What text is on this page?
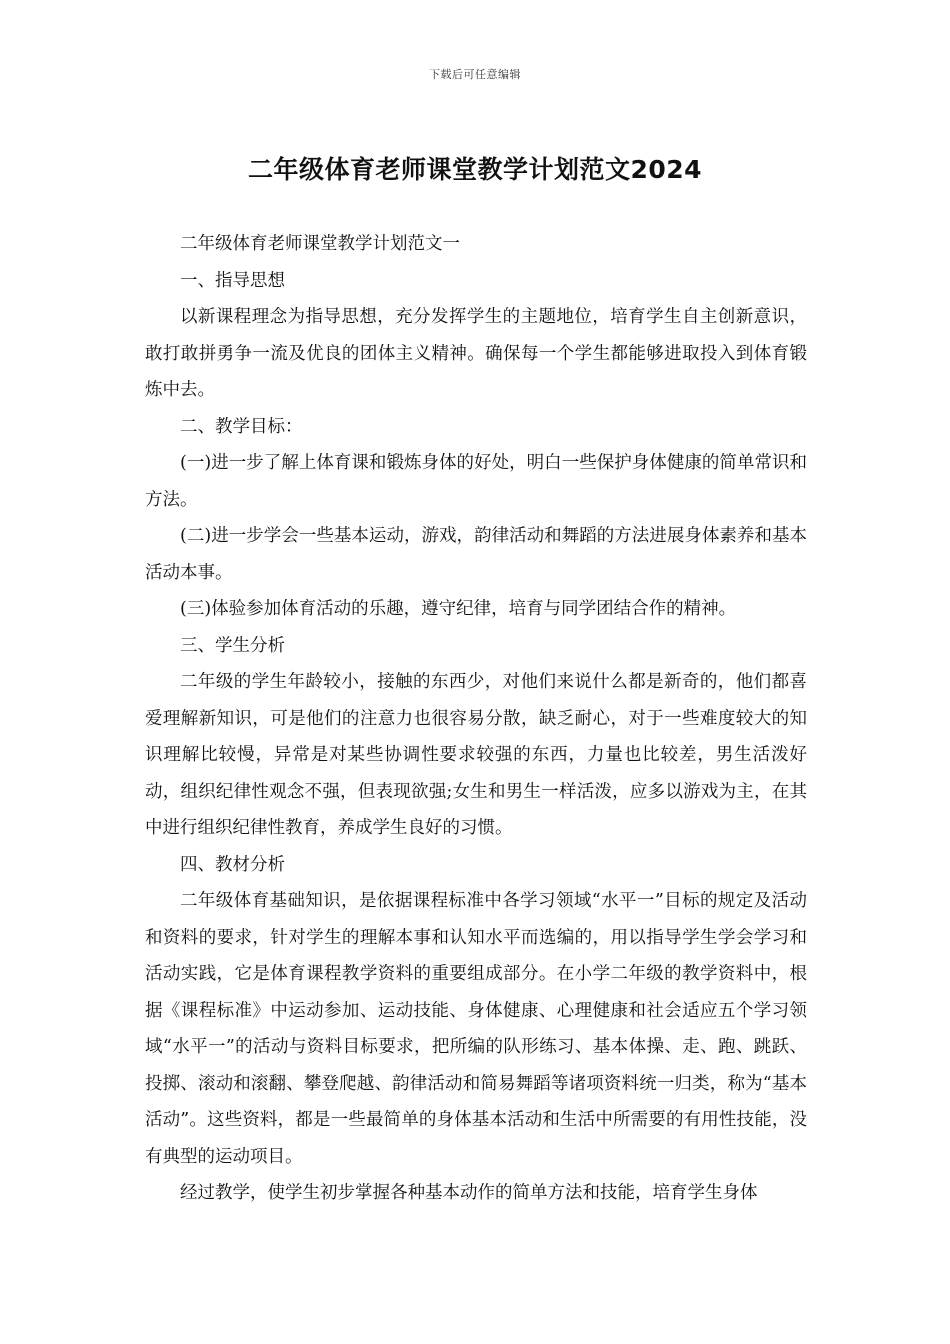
下载后可任意编辑
二年级体育老师课堂教学计划范文2024

二年级体育老师课堂教学计划范文一

一、指导思想

以新课程理念为指导思想，充分发挥学生的主题地位，培育学生自主创新意识，敢打敢拼勇争一流及优良的团体主义精神。确保每一个学生都能够进取投入到体育锻炼中去。

二、教学目标：

(一)进一步了解上体育课和锻炼身体的好处，明白一些保护身体健康的简单常识和方法。

(二)进一步学会一些基本运动，游戏，韵律活动和舞蹈的方法进展身体素养和基本活动本事。

(三)体验参加体育活动的乐趣，遵守纪律，培育与同学团结合作的精神。

三、学生分析

二年级的学生年龄较小，接触的东西少，对他们来说什么都是新奇的，他们都喜爱理解新知识，可是他们的注意力也很容易分散，缺乏耐心，对于一些难度较大的知识理解比较慢，异常是对某些协调性要求较强的东西，力量也比较差，男生活泼好动，组织纪律性观念不强，但表现欲强;女生和男生一样活泼，应多以游戏为主，在其中进行组织纪律性教育，养成学生良好的习惯。

四、教材分析

二年级体育基础知识，是依据课程标准中各学习领域“水平一”目标的规定及活动和资料的要求，针对学生的理解本事和认知水平而选编的，用以指导学生学会学习和活动实践，它是体育课程教学资料的重要组成部分。在小学二年级的教学资料中，根据《课程标准》中运动参加、运动技能、身体健康、心理健康和社会适应五个学习领域“水平一”的活动与资料目标要求，把所编的队形练习、基本体操、走、跑、跳跃、投掷、滚动和滚翻、攀登爬越、韵律活动和简易舞蹈等诸项资料统一归类，称为“基本活动”。这些资料，都是一些最简单的身体基本活动和生活中所需要的有用性技能，没有典型的运动项目。

经过教学，使学生初步掌握各种基本动作的简单方法和技能，培育学生身体
